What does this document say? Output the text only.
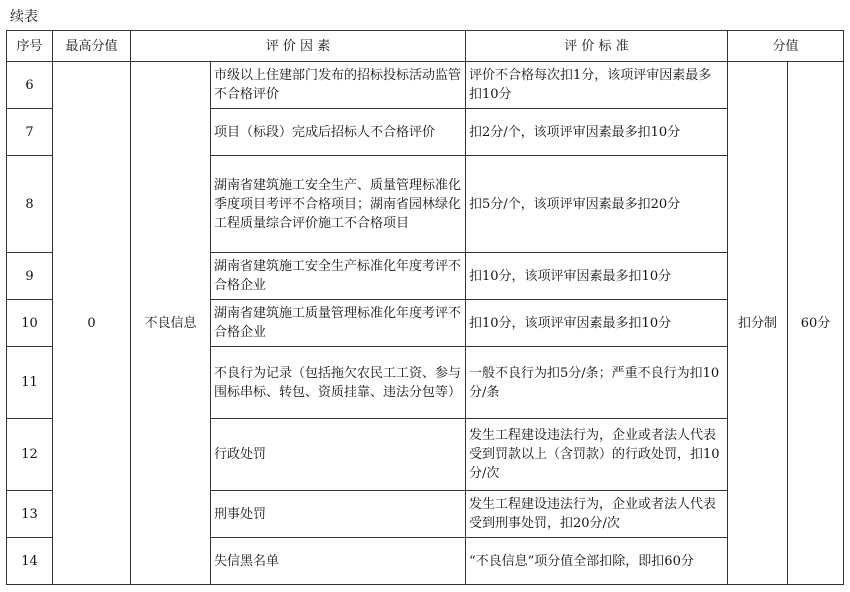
续表
序号	最高分值	评 价 因 素		评 价 标 准	分值	
6	0	不良信息	市级以上住建部门发布的招标投标活动监管不合格评价	评价不合格每次扣1分，该项评审因素最多扣10分	扣分制	60分
7			项目（标段）完成后招标人不合格评价	扣2分/个，该项评审因素最多扣10分		
8			湖南省建筑施工安全生产、质量管理标准化季度项目考评不合格项目；湖南省园林绿化工程质量综合评价施工不合格项目	扣5分/个，该项评审因素最多扣20分		
9			湖南省建筑施工安全生产标准化年度考评不合格企业	扣10分，该项评审因素最多扣10分		
10			湖南省建筑施工质量管理标准化年度考评不合格企业	扣10分，该项评审因素最多扣10分		
11			不良行为记录（包括拖欠农民工工资、参与围标串标、转包、资质挂靠、违法分包等）	一般不良行为扣5分/条；严重不良行为扣10分/条		
12			行政处罚	发生工程建设违法行为，企业或者法人代表受到罚款以上（含罚款）的行政处罚，扣10分/次		
13			刑事处罚	发生工程建设违法行为，企业或者法人代表受到刑事处罚，扣20分/次		
14			失信黑名单	“不良信息”项分值全部扣除，即扣60分		
